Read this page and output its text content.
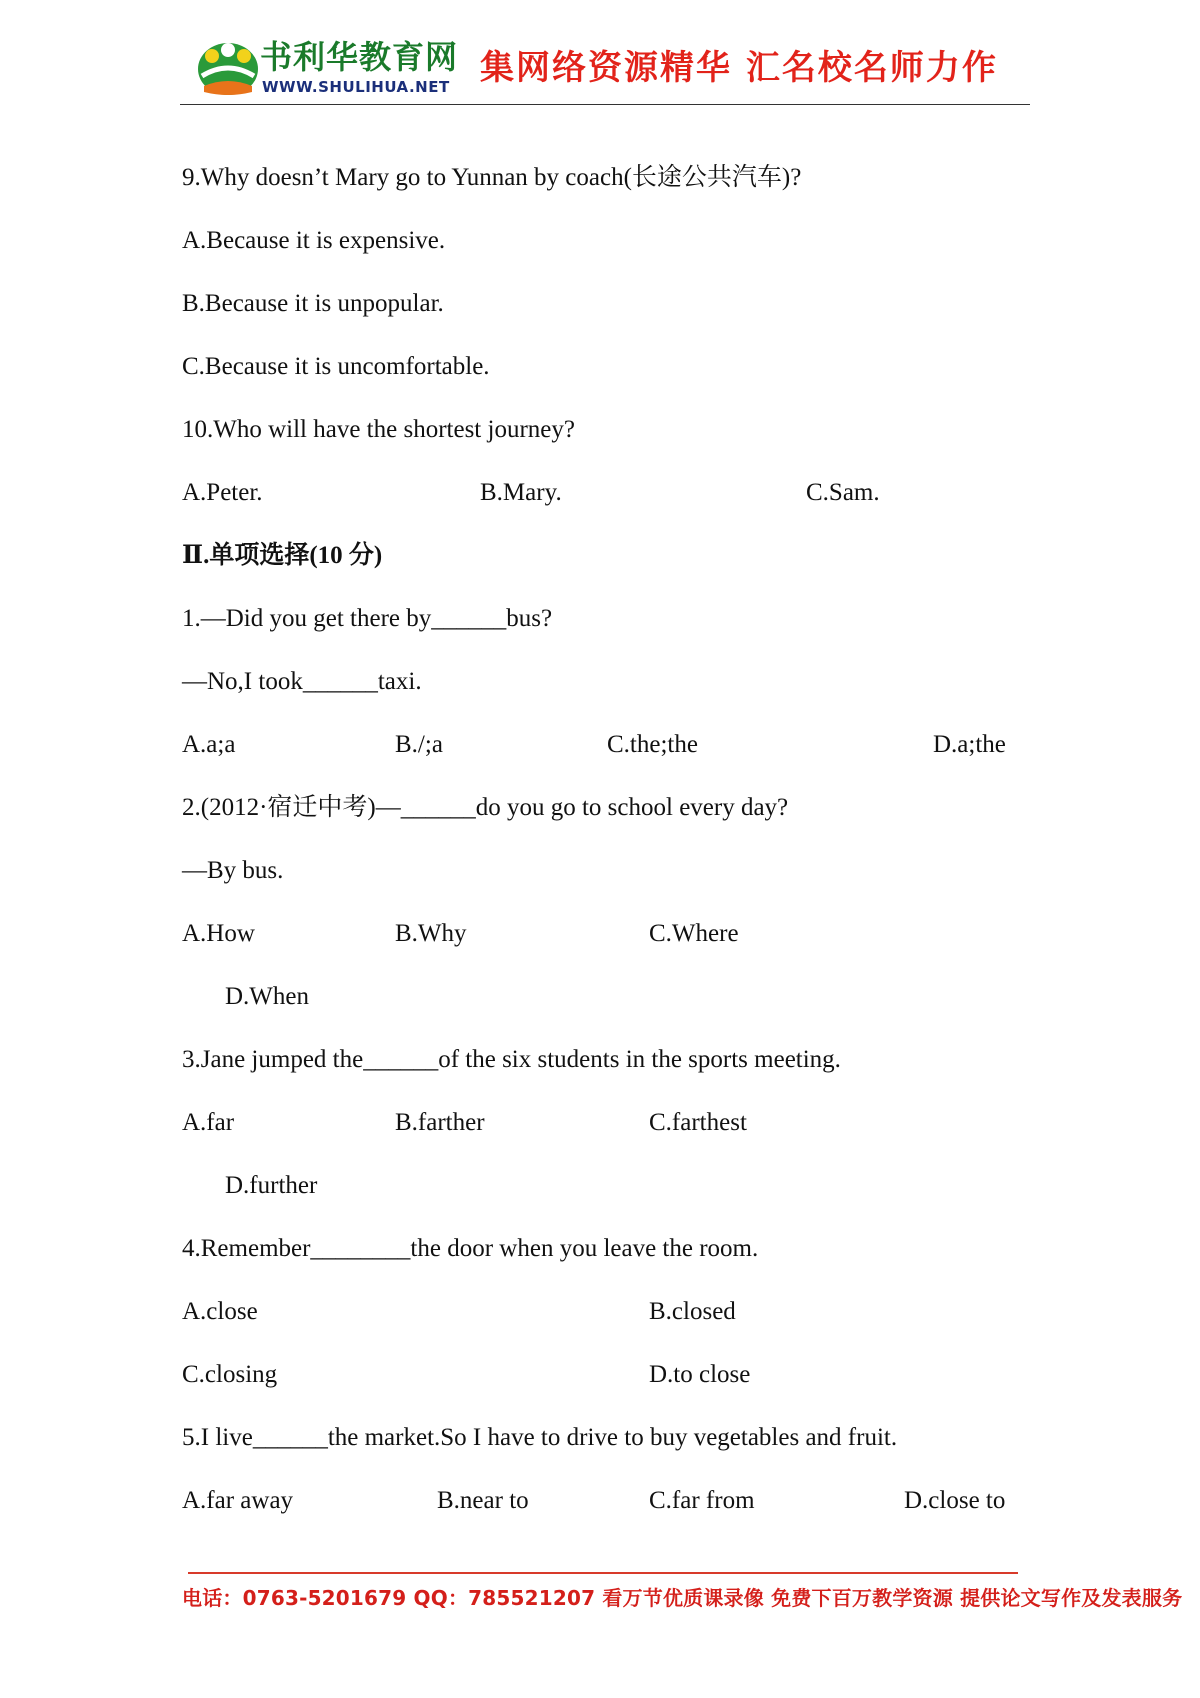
书利华教育网
WWW.SHULIHUA.NET 集网络资源精华 汇名校名师力作
9.Why doesn’t Mary go to Yunnan by coach(长途公共汽车)?
A.Because it is expensive.
B.Because it is unpopular.
C.Because it is uncomfortable.
10.Who will have the shortest journey?
A.Peter.	B.Mary.	C.Sam.
Ⅱ.单项选择(10 分)
1.—Did you get there by______bus?
—No,I took______taxi.
A.a;a	B./;a	C.the;the	D.a;the
2.(2012·宿迁中考)—______do you go to school every day?
—By bus.
A.How	B.Why	C.Where
D.When
3.Jane jumped the______of the six students in the sports meeting.
A.far	B.farther	C.farthest
D.further
4.Remember________the door when you leave the room.
A.close	B.closed
C.closing	D.to close
5.I live______the market.So I have to drive to buy vegetables and fruit.
A.far away	B.near to	C.far from	D.close to
电话：0763-5201679 QQ：785521207 看万节优质课录像 免费下百万教学资源 提供论文写作及发表服务
